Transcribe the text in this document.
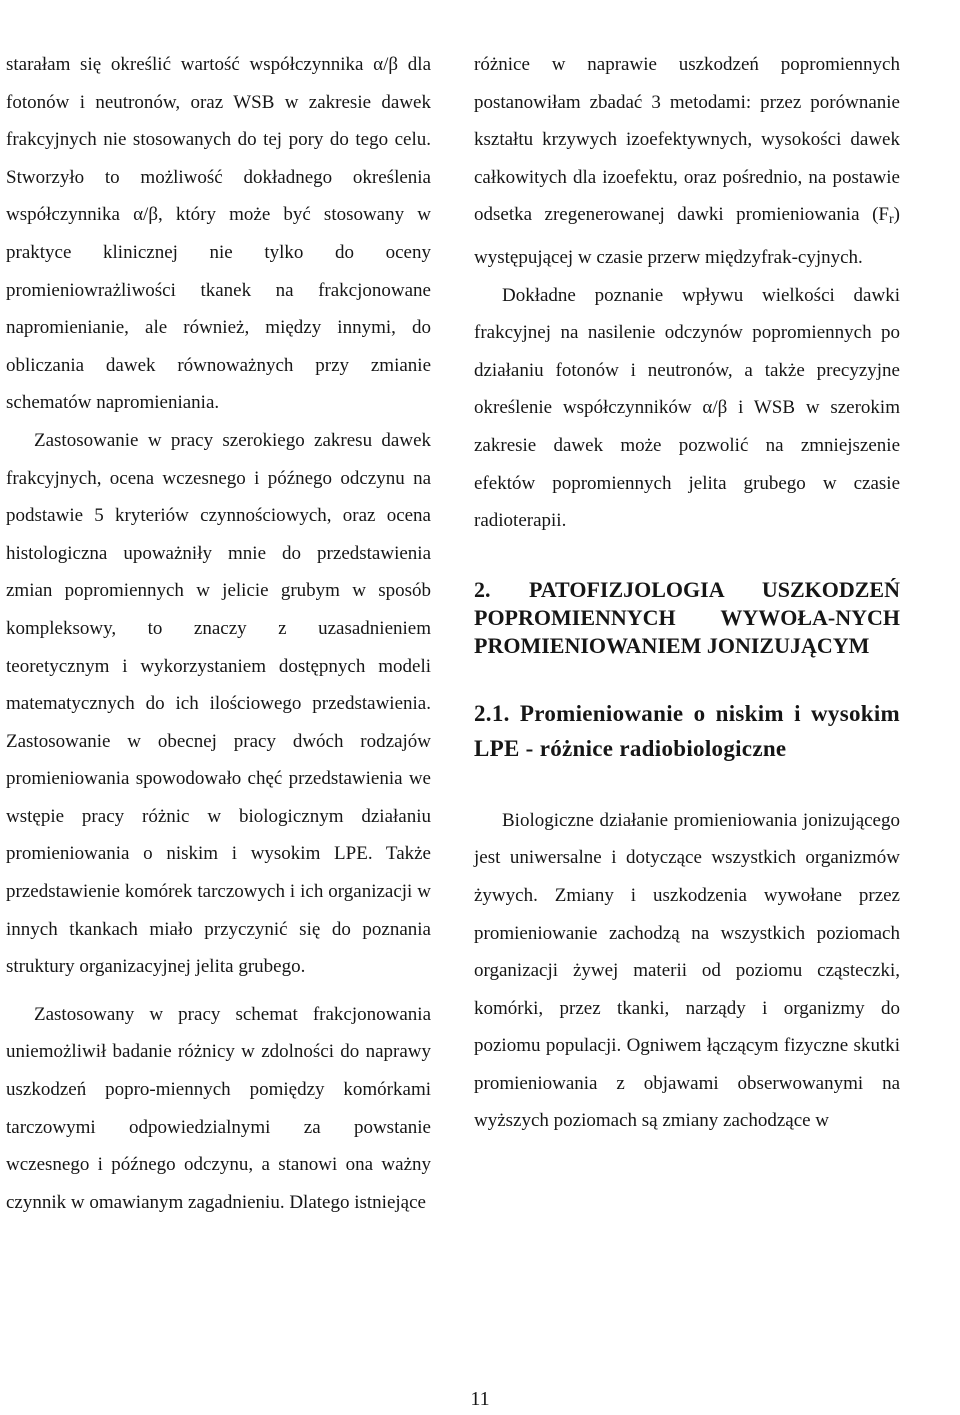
starałam się określić wartość współczynnika α/β dla fotonów i neutronów, oraz WSB w zakresie dawek frakcyjnych nie stosowanych do tej pory do tego celu. Stworzyło to możliwość dokładnego określenia współczynnika α/β, który może być stosowany w praktyce klinicznej nie tylko do oceny promieniowrażliwości tkanek na frakcjonowane napromienianie, ale również, między innymi, do obliczania dawek równoważnych przy zmianie schematów napromieniania.

Zastosowanie w pracy szerokiego zakresu dawek frakcyjnych, ocena wczesnego i późnego odczynu na podstawie 5 kryteriów czynnościowych, oraz ocena histologiczna upoważniły mnie do przedstawienia zmian popromiennych w jelicie grubym w sposób kompleksowy, to znaczy z uzasadnieniem teoretycznym i wykorzystaniem dostępnych modeli matematycznych do ich ilościowego przedstawienia. Zastosowanie w obecnej pracy dwóch rodzajów promieniowania spowodowało chęć przedstawienia we wstępie pracy różnic w biologicznym działaniu promieniowania o niskim i wysokim LPE. Także przedstawienie komórek tarczowych i ich organizacji w innych tkankach miało przyczynić się do poznania struktury organizacyjnej jelita grubego.

Zastosowany w pracy schemat frakcjonowania uniemożliwił badanie różnicy w zdolności do naprawy uszkodzeń popro-miennych pomiędzy komórkami tarczowymi odpowiedzialnymi za powstanie wczesnego i późnego odczynu, a stanowi ona ważny czynnik w omawianym zagadnieniu. Dlatego istniejące

różnice w naprawie uszkodzeń popromiennych postanowiłam zbadać 3 metodami: przez porównanie kształtu krzywych izoefektywnych, wysokości dawek całkowitych dla izoefektu, oraz pośrednio, na postawie odsetka zregenerowanej dawki promieniowania (Fr) występującej w czasie przerw międzyfrak-cyjnych.

Dokładne poznanie wpływu wielkości dawki frakcyjnej na nasilenie odczynów popromiennych po działaniu fotonów i neutronów, a także precyzyjne określenie współczynników α/β i WSB w szerokim zakresie dawek może pozwolić na zmniejszenie efektów popromiennych jelita grubego w czasie radioterapii.

2. PATOFIZJOLOGIA USZKODZEŃ POPROMIENNYCH WYWOŁA-NYCH PROMIENIOWANIEM JONIZUJĄCYM
2.1. Promieniowanie o niskim i wysokim LPE - różnice radiobiologiczne

Biologiczne działanie promieniowania jonizującego jest uniwersalne i dotyczące wszystkich organizmów żywych. Zmiany i uszkodzenia wywołane przez promieniowanie zachodzą na wszystkich poziomach organizacji żywej materii od poziomu cząsteczki, komórki, przez tkanki, narządy i organizmy do poziomu populacji. Ogniwem łączącym fizyczne skutki promieniowania z objawami obserwowanymi na wyższych poziomach są zmiany zachodzące w

11
